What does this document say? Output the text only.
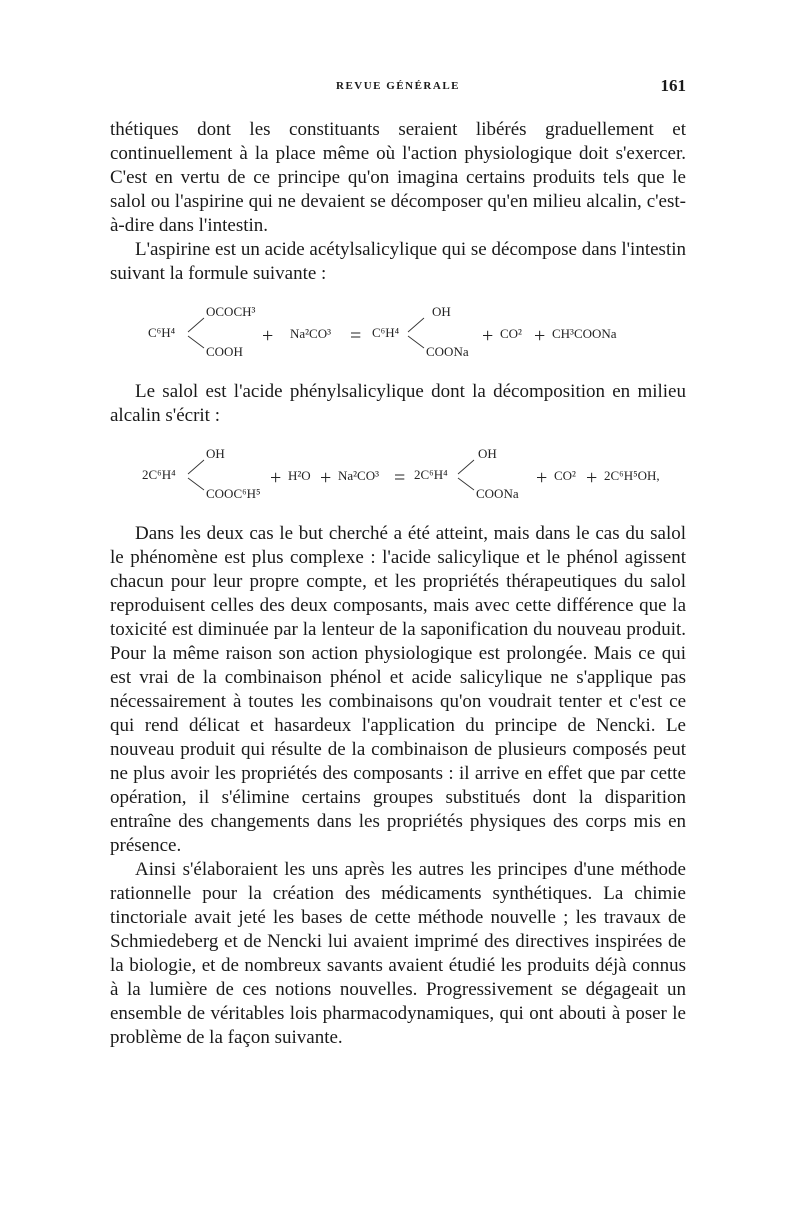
REVUE GÉNÉRALE	161

thétiques dont les constituants seraient libérés graduellement et continuellement à la place même où l'action physiologique doit s'exercer. C'est en vertu de ce principe qu'on imagina certains produits tels que le salol ou l'aspirine qui ne devaient se décomposer qu'en milieu alcalin, c'est-à-dire dans l'intestin.

L'aspirine est un acide acétylsalicylique qui se décompose dans l'intestin suivant la formule suivante :

C⁶H⁴
OCOCH³
COOH
+ Na²CO³ = C⁶H⁴
OH
COONa
+ CO² + CH³COONa

Le salol est l'acide phénylsalicylique dont la décomposition en milieu alcalin s'écrit :

2C⁶H⁴
OH
COOC⁶H⁵
+ H²O + Na²CO³ = 2C⁶H⁴
OH
COONa
+ CO² + 2C⁶H⁵OH,

Dans les deux cas le but cherché a été atteint, mais dans le cas du salol le phénomène est plus complexe : l'acide salicylique et le phénol agissent chacun pour leur propre compte, et les propriétés thérapeutiques du salol reproduisent celles des deux composants, mais avec cette différence que la toxicité est diminuée par la lenteur de la saponification du nouveau produit. Pour la même raison son action physiologique est prolongée. Mais ce qui est vrai de la combinaison phénol et acide salicylique ne s'applique pas nécessairement à toutes les combinaisons qu'on voudrait tenter et c'est ce qui rend délicat et hasardeux l'application du principe de Nencki. Le nouveau produit qui résulte de la combinaison de plusieurs composés peut ne plus avoir les propriétés des composants : il arrive en effet que par cette opération, il s'élimine certains groupes substitués dont la disparition entraîne des changements dans les propriétés physiques des corps mis en présence.

Ainsi s'élaboraient les uns après les autres les principes d'une méthode rationnelle pour la création des médicaments synthétiques. La chimie tinctoriale avait jeté les bases de cette méthode nouvelle ; les travaux de Schmiedeberg et de Nencki lui avaient imprimé des directives inspirées de la biologie, et de nombreux savants avaient étudié les produits déjà connus à la lumière de ces notions nouvelles. Progressivement se dégageait un ensemble de véritables lois pharmacodynamiques, qui ont abouti à poser le problème de la façon suivante.
